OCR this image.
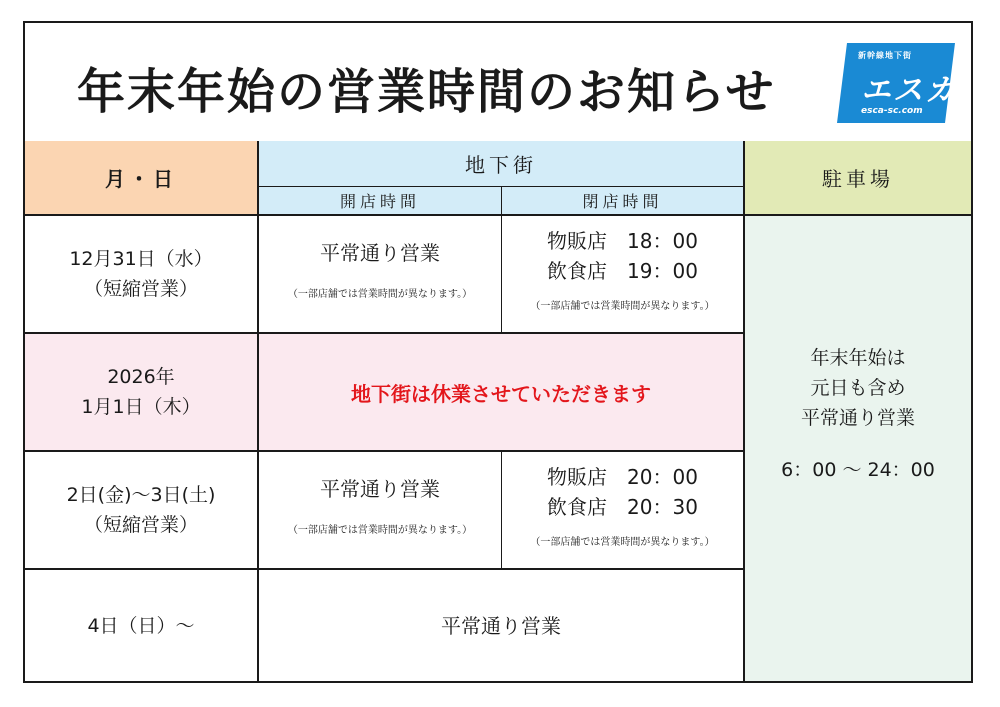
年末年始の営業時間のお知らせ
新幹線地下街
エスカ
esca-sc.com
月・日
地下街
開店時間	閉店時間
駐車場
12月31日（水）
（短縮営業）
平常通り営業
（一部店舗では営業時間が異なります。）
物販店　18：00
飲食店　19：00
（一部店舗では営業時間が異なります。）
2026年
1月1日（木）
地下街は休業させていただきます
2日(金)～3日(土)
（短縮営業）
平常通り営業
（一部店舗では営業時間が異なります。）
物販店　20：00
飲食店　20：30
（一部店舗では営業時間が異なります。）
4日（日）～	平常通り営業
年末年始は
元日も含め
平常通り営業
6：00 ～ 24：00
